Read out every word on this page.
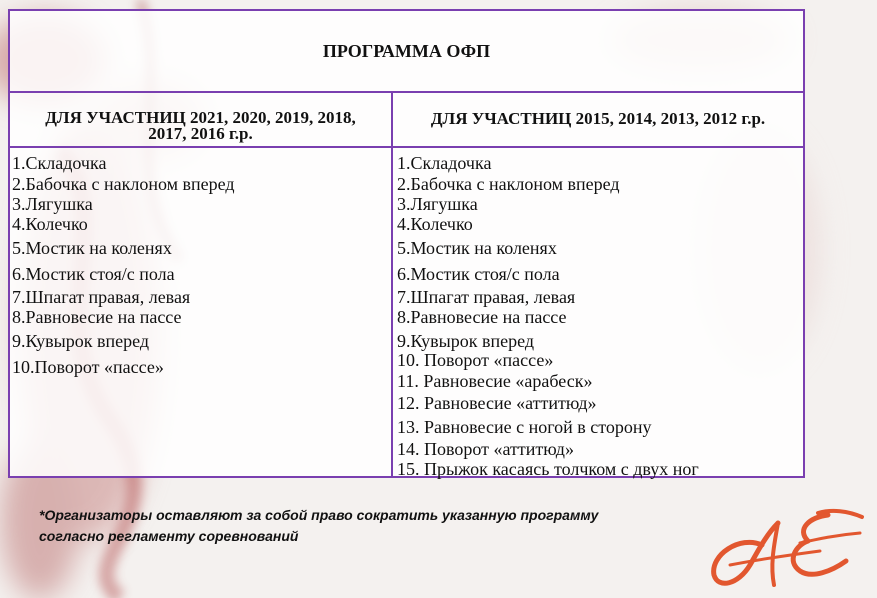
ПРОГРАММА ОФП
ДЛЯ УЧАСТНИЦ 2021, 2020, 2019, 2018,
2017, 2016 г.р.
ДЛЯ УЧАСТНИЦ 2015, 2014, 2013, 2012 г.р.
1.Складочка
2.Бабочка с наклоном вперед
3.Лягушка
4.Колечко
5.Мостик на коленях
6.Мостик стоя/с пола
7.Шпагат правая, левая
8.Равновесие на пассе
9.Кувырок вперед
10.Поворот «пассе»
1.Складочка
2.Бабочка с наклоном вперед
3.Лягушка
4.Колечко
5.Мостик на коленях
6.Мостик стоя/с пола
7.Шпагат правая, левая
8.Равновесие на пассе
9.Кувырок вперед
10. Поворот «пассе»
11. Равновесие «арабеск»
12. Равновесие «аттитюд»
13. Равновесие с ногой в сторону
14. Поворот «аттитюд»
15. Прыжок касаясь толчком с двух ног
*Организаторы оставляют за собой право сократить указанную программу
согласно регламенту соревнований
